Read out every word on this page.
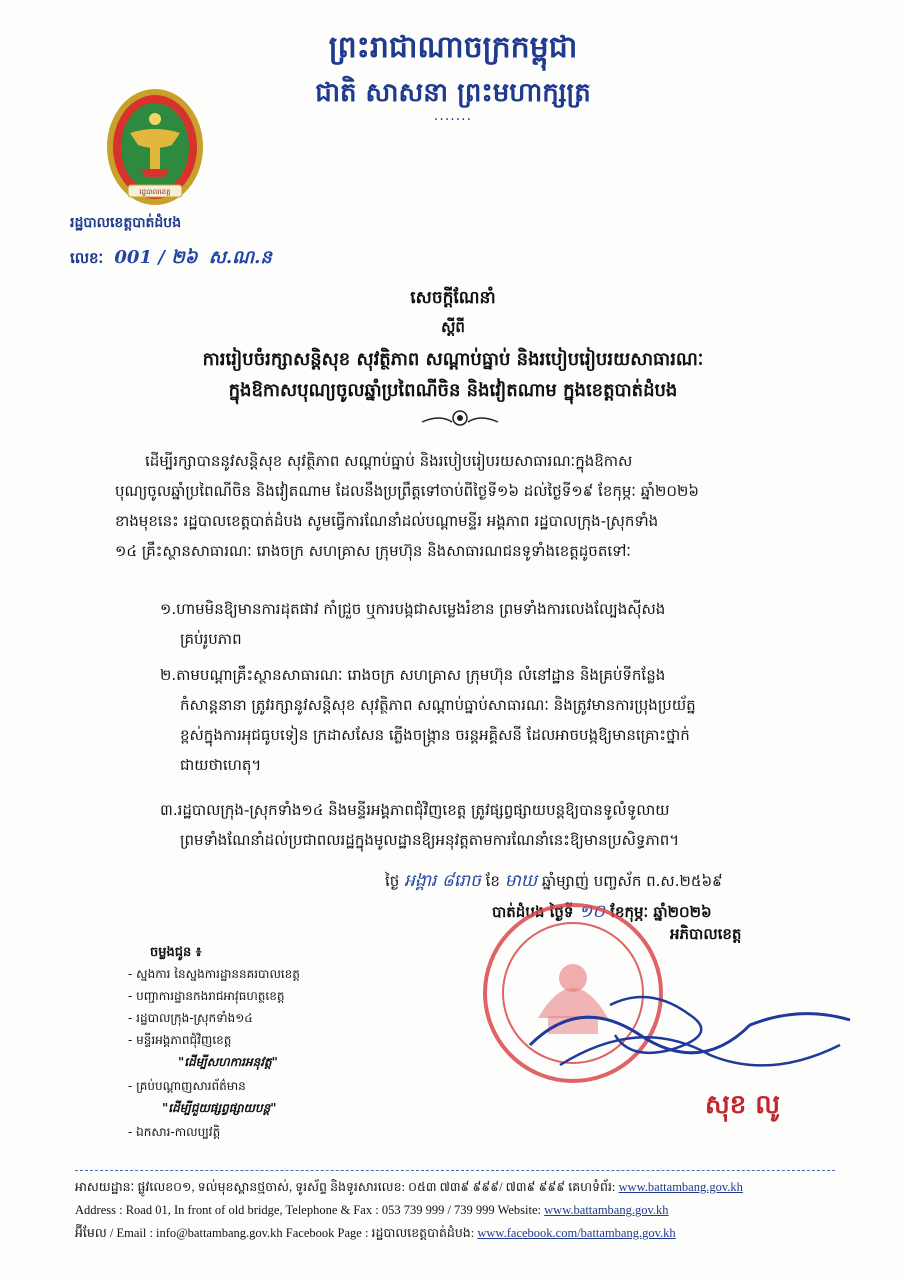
ព្រះរាជាណាចក្រកម្ពុជា
ជាតិ សាសនា ព្រះមហាក្សត្រ
·······
រដ្ឋបាលខេត្ត
រដ្ឋបាលខេត្តបាត់ដំបង
លេខៈ 001 / ២៦ ស.ណ.ន
សេចក្តីណែនាំ
ស្តីពី
ការរៀបចំរក្សាសន្តិសុខ សុវត្ថិភាព សណ្តាប់ធ្នាប់ និងរបៀបរៀបរយសាធារណៈ
ក្នុងឱកាសបុណ្យចូលឆ្នាំប្រពៃណីចិន និងវៀតណាម ក្នុងខេត្តបាត់ដំបង
ដើម្បីរក្សាបាននូវសន្តិសុខ សុវត្ថិភាព សណ្តាប់ធ្នាប់ និងរបៀបរៀបរយសាធារណៈក្នុងឱកាស
បុណ្យចូលឆ្នាំប្រពៃណីចិន និងវៀតណាម ដែលនឹងប្រព្រឹត្តទៅចាប់ពីថ្ងៃទី១៦ ដល់ថ្ងៃទី១៩ ខែកុម្ភៈ ឆ្នាំ២០២៦
ខាងមុខនេះ រដ្ឋបាលខេត្តបាត់ដំបង សូមធ្វើការណែនាំដល់បណ្តាមន្ទីរ អង្គភាព រដ្ឋបាលក្រុង-ស្រុកទាំង
១៤ គ្រឹះស្ថានសាធារណៈ រោងចក្រ សហគ្រាស ក្រុមហ៊ុន និងសាធារណជនទូទាំងខេត្តដូចតទៅៈ
១.ហាមមិនឱ្យមានការដុតផាវ កាំជ្រួច ឬការបង្កជាសម្លេងរំខាន ព្រមទាំងការលេងល្បែងស៊ីសង
គ្រប់រូបភាព
២.តាមបណ្តាគ្រឹះស្ថានសាធារណៈ រោងចក្រ សហគ្រាស ក្រុមហ៊ុន លំនៅដ្ឋាន និងគ្រប់ទីកន្លែង
កំសាន្តនានា ត្រូវរក្សានូវសន្តិសុខ សុវត្ថិភាព សណ្តាប់ធ្នាប់សាធារណៈ និងត្រូវមានការប្រុងប្រយ័ត្ន
ខ្ពស់ក្នុងការអុជធូបទៀន ក្រដាសសែន ភ្លើងចង្រ្កាន ចរន្តអគ្គិសនី ដែលអាចបង្កឱ្យមានគ្រោះថ្នាក់
ជាយថាហេតុ។
៣.រដ្ឋបាលក្រុង-ស្រុកទាំង១៤ និងមន្ទីរអង្គភាពជុំវិញខេត្ត ត្រូវផ្សព្វផ្សាយបន្តឱ្យបានទូលំទូលាយ
ព្រមទាំងណែនាំដល់ប្រជាពលរដ្ឋក្នុងមូលដ្ឋានឱ្យអនុវត្តតាមការណែនាំនេះឱ្យមានប្រសិទ្ធភាព។
ថ្ងៃ អង្គារ ៨រោច ខែ មាឃ ឆ្នាំម្សាញ់ បញ្ចស័ក ព.ស.២៥៦៩
បាត់ដំបង ថ្ងៃទី ១០ ខែកុម្ភៈ ឆ្នាំ២០២៦
អភិបាលខេត្ត
សុខ លូ
ចម្លងជូន ៖
- ស្នងការ នៃស្នងការដ្ឋាននគរបាលខេត្ត
- បញ្ជាការដ្ឋានកងរាជអាវុធហត្ថខេត្ត
- រដ្ឋបាលក្រុង-ស្រុកទាំង១៤
- មន្ទីរអង្គភាពជុំវិញខេត្ត
"ដើម្បីសហការអនុវត្ត"
- គ្រប់បណ្តាញសារព័ត៌មាន
"ដើម្បីជួយផ្សព្វផ្សាយបន្ត"
- ឯកសារ-កាលប្បវត្តិ
អាសយដ្ឋានៈ ផ្លូវលេខ០១, ទល់មុខស្ពានថ្មចាស់, ទូរស័ព្ទ និងទូរសារលេខ: ០៥៣ ៧៣៩ ៩៩៩/ ៧៣៩ ៩៩៩ គេហទំព័រ: www.battambang.gov.kh
Address : Road 01, In front of old bridge, Telephone & Fax : 053 739 999 / 739 999 Website: www.battambang.gov.kh
អ៊ីមែល / Email : info@battambang.gov.kh Facebook Page : រដ្ឋបាលខេត្តបាត់ដំបង: www.facebook.com/battambang.gov.kh
